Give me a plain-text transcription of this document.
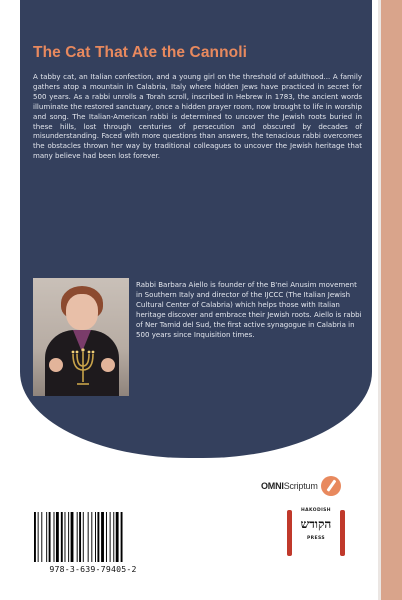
The Cat That Ate the Cannoli
A tabby cat, an Italian confection, and a young girl on the threshold of adulthood... A family gathers atop a mountain in Calabria, Italy where hidden Jews have practiced in secret for 500 years. As a rabbi unrolls a Torah scroll, inscribed in Hebrew in 1783, the ancient words illuminate the restored sanctuary, once a hidden prayer room, now brought to life in worship and song. The Italian-American rabbi is determined to uncover the Jewish roots buried in these hills, lost through centuries of persecution and obscured by decades of misunderstanding. Faced with more questions than answers, the tenacious rabbi overcomes the obstacles thrown her way by traditional colleagues to uncover the Jewish heritage that many believe had been lost forever.
Rabbi Barbara Aiello is founder of the B'nei Anusim movement in Southern Italy and director of the IJCCC (The Italian Jewish Cultural Center of Calabria) which helps those with Italian heritage discover and embrace their Jewish roots. Aiello is rabbi of Ner Tamid del Sud, the first active synagogue in Calabria in 500 years since Inquisition times.
OMNIScriptum
HAKODISH
הקודש
PRESS
978-3-639-79405-2
